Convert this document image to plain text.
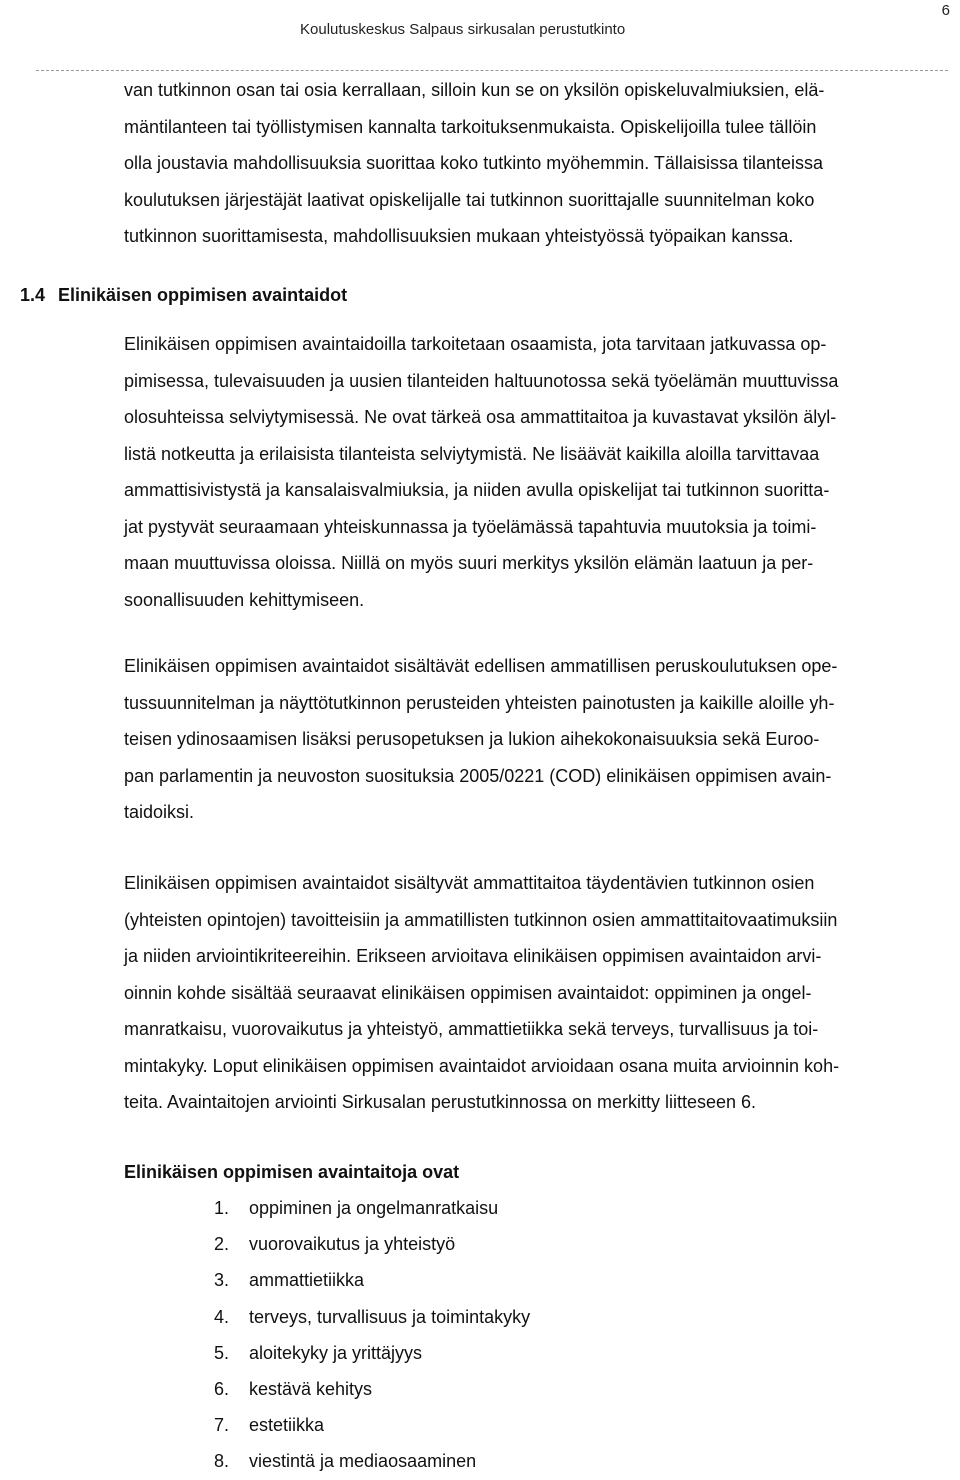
Koulutuskeskus Salpaus sirkusalan perustutkinto
6

van tutkinnon osan tai osia kerrallaan, silloin kun se on yksilön opiskeluvalmiuksien, elä-
mäntilanteen tai työllistymisen kannalta tarkoituksenmukaista. Opiskelijoilla tulee tällöin
olla joustavia mahdollisuuksia suorittaa koko tutkinto myöhemmin. Tällaisissa tilanteissa
koulutuksen järjestäjät laativat opiskelijalle tai tutkinnon suorittajalle suunnitelman koko
tutkinnon suorittamisesta, mahdollisuuksien mukaan yhteistyössä työpaikan kanssa.

1.4 Elinikäisen oppimisen avaintaidot

Elinikäisen oppimisen avaintaidoilla tarkoitetaan osaamista, jota tarvitaan jatkuvassa op-
pimisessa, tulevaisuuden ja uusien tilanteiden haltuunotossa sekä työelämän muuttuvissa
olosuhteissa selviytymisessä. Ne ovat tärkeä osa ammattitaitoa ja kuvastavat yksilön älyl-
listä notkeutta ja erilaisista tilanteista selviytymistä. Ne lisäävät kaikilla aloilla tarvittavaa
ammattisivistystä ja kansalaisvalmiuksia, ja niiden avulla opiskelijat tai tutkinnon suoritta-
jat pystyvät seuraamaan yhteiskunnassa ja työelämässä tapahtuvia muutoksia ja toimi-
maan muuttuvissa oloissa. Niillä on myös suuri merkitys yksilön elämän laatuun ja per-
soonallisuuden kehittymiseen.

Elinikäisen oppimisen avaintaidot sisältävät edellisen ammatillisen peruskoulutuksen ope-
tussuunnitelman ja näyttötutkinnon perusteiden yhteisten painotusten ja kaikille aloille yh-
teisen ydinosaamisen lisäksi perusopetuksen ja lukion aihekokonaisuuksia sekä Euroo-
pan parlamentin ja neuvoston suosituksia 2005/0221 (COD) elinikäisen oppimisen avain-
taidoiksi.

Elinikäisen oppimisen avaintaidot sisältyvät ammattitaitoa täydentävien tutkinnon osien
(yhteisten opintojen) tavoitteisiin ja ammatillisten tutkinnon osien ammattitaitovaatimuksiin
ja niiden arviointikriteereihin. Erikseen arvioitava elinikäisen oppimisen avaintaidon arvi-
oinnin kohde sisältää seuraavat elinikäisen oppimisen avaintaidot: oppiminen ja ongel-
manratkaisu, vuorovaikutus ja yhteistyö, ammattietiikka sekä terveys, turvallisuus ja toi-
mintakyky. Loput elinikäisen oppimisen avaintaidot arvioidaan osana muita arvioinnin koh-
teita. Avaintaitojen arviointi Sirkusalan perustutkinnossa on merkitty liitteseen 6.

Elinikäisen oppimisen avaintaitoja ovat
1. oppiminen ja ongelmanratkaisu
2. vuorovaikutus ja yhteistyö
3. ammattietiikka
4. terveys, turvallisuus ja toimintakyky
5. aloitekyky ja yrittäjyys
6. kestävä kehitys
7. estetiikka
8. viestintä ja mediaosaaminen
